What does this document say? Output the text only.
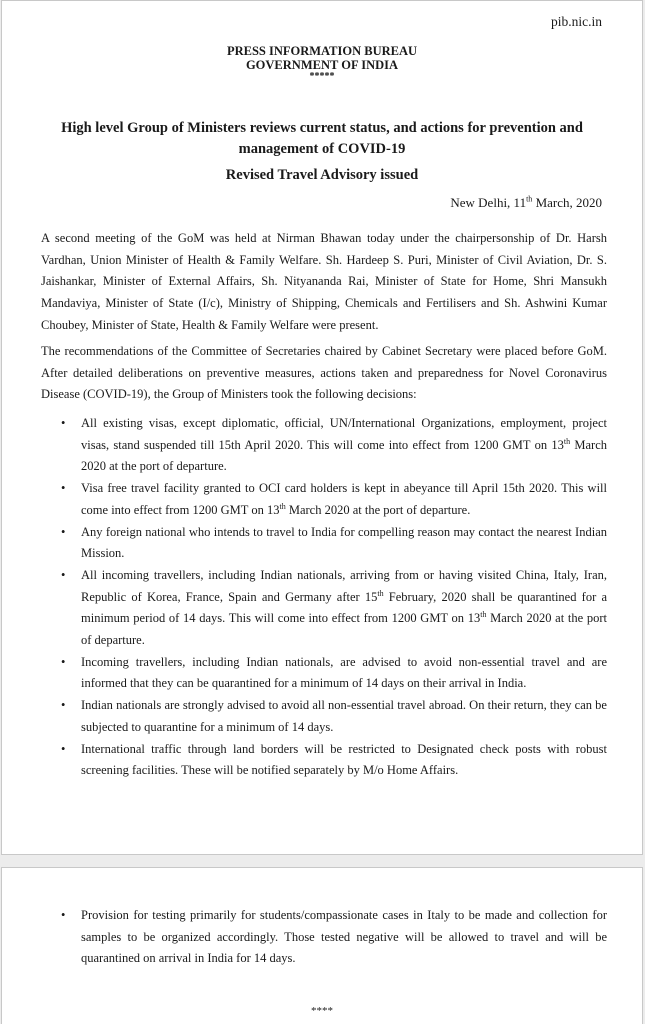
pib.nic.in
PRESS INFORMATION BUREAU
GOVERNMENT OF INDIA
*****
High level Group of Ministers reviews current status, and actions for prevention and management of COVID-19
Revised Travel Advisory issued
New Delhi, 11th March, 2020
A second meeting of the GoM was held at Nirman Bhawan today under the chairpersonship of Dr. Harsh Vardhan, Union Minister of Health & Family Welfare. Sh. Hardeep S. Puri, Minister of Civil Aviation, Dr. S. Jaishankar, Minister of External Affairs, Sh. Nityananda Rai, Minister of State for Home, Shri Mansukh Mandaviya, Minister of State (I/c), Ministry of Shipping, Chemicals and Fertilisers and Sh. Ashwini Kumar Choubey, Minister of State, Health & Family Welfare were present.
The recommendations of the Committee of Secretaries chaired by Cabinet Secretary were placed before GoM. After detailed deliberations on preventive measures, actions taken and preparedness for Novel Coronavirus Disease (COVID-19), the Group of Ministers took the following decisions:
• All existing visas, except diplomatic, official, UN/International Organizations, employment, project visas, stand suspended till 15th April 2020. This will come into effect from 1200 GMT on 13th March 2020 at the port of departure.
• Visa free travel facility granted to OCI card holders is kept in abeyance till April 15th 2020. This will come into effect from 1200 GMT on 13th March 2020 at the port of departure.
• Any foreign national who intends to travel to India for compelling reason may contact the nearest Indian Mission.
• All incoming travellers, including Indian nationals, arriving from or having visited China, Italy, Iran, Republic of Korea, France, Spain and Germany after 15th February, 2020 shall be quarantined for a minimum period of 14 days. This will come into effect from 1200 GMT on 13th March 2020 at the port of departure.
• Incoming travellers, including Indian nationals, are advised to avoid non-essential travel and are informed that they can be quarantined for a minimum of 14 days on their arrival in India.
• Indian nationals are strongly advised to avoid all non-essential travel abroad. On their return, they can be subjected to quarantine for a minimum of 14 days.
• International traffic through land borders will be restricted to Designated check posts with robust screening facilities. These will be notified separately by M/o Home Affairs.
• Provision for testing primarily for students/compassionate cases in Italy to be made and collection for samples to be organized accordingly. Those tested negative will be allowed to travel and will be quarantined on arrival in India for 14 days.
****
